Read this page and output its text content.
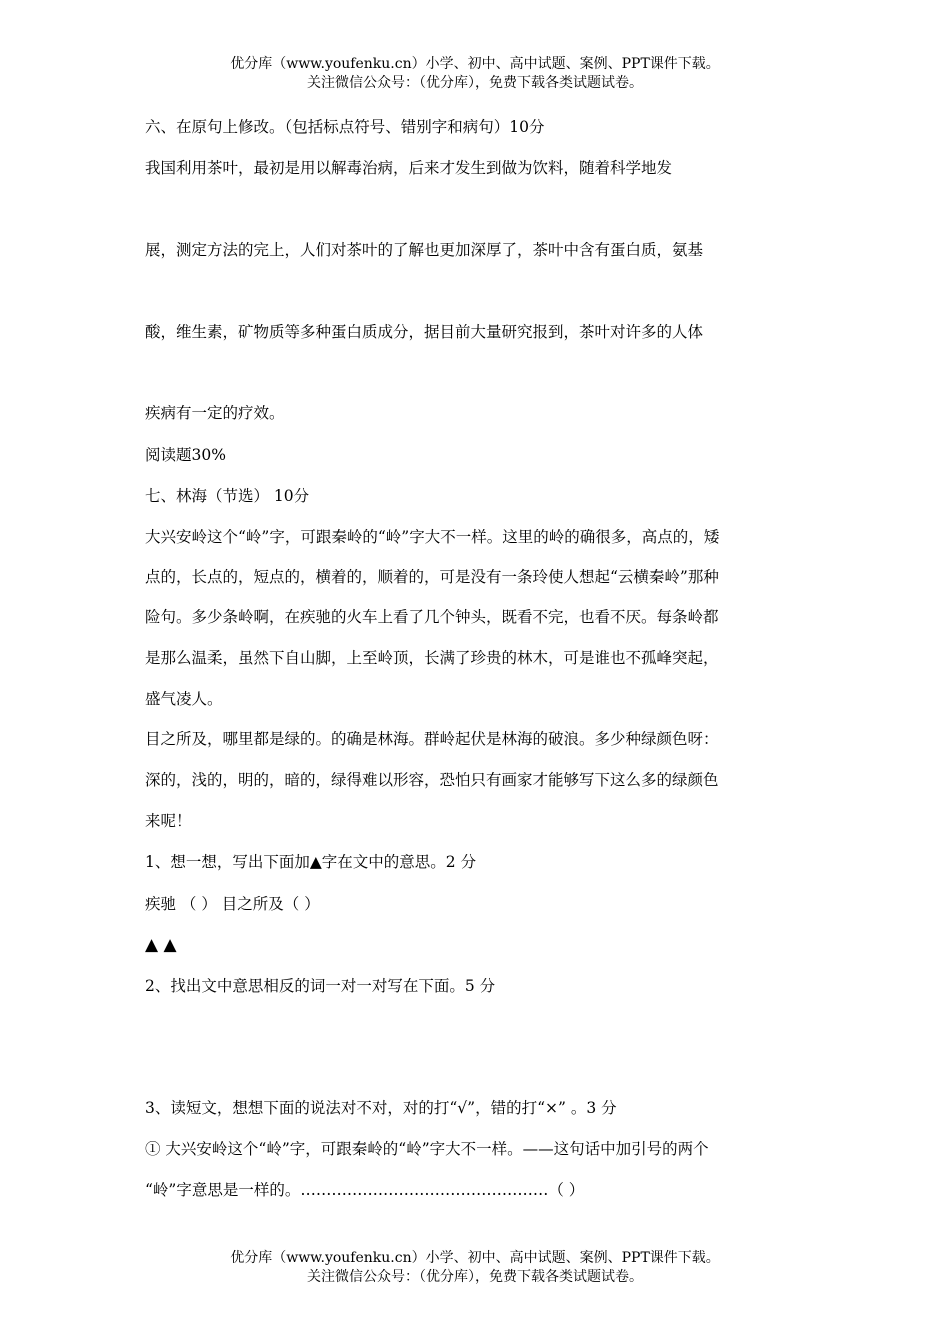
优分库（www.youfenku.cn）小学、初中、高中试题、案例、PPT课件下载。
关注微信公众号：（优分库），免费下载各类试题试卷。
六、在原句上修改。（包括标点符号、错别字和病句）10分
我国利用茶叶，最初是用以解毒治病，后来才发生到做为饮料，随着科学地发
展，测定方法的完上，人们对茶叶的了解也更加深厚了，茶叶中含有蛋白质，氨基
酸，维生素，矿物质等多种蛋白质成分，据目前大量研究报到，茶叶对许多的人体
疾病有一定的疗效。
阅读题30%
七、林海（节选） 10分
大兴安岭这个“岭”字，可跟秦岭的“岭”字大不一样。这里的岭的确很多，高点的，矮
点的，长点的，短点的，横着的，顺着的，可是没有一条玲使人想起“云横秦岭”那种
险句。多少条岭啊，在疾驰的火车上看了几个钟头，既看不完，也看不厌。每条岭都
是那么温柔，虽然下自山脚，上至岭顶，长满了珍贵的林木，可是谁也不孤峰突起，
盛气凌人。
目之所及，哪里都是绿的。的确是林海。群岭起伏是林海的破浪。多少种绿颜色呀：
深的，浅的，明的，暗的，绿得难以形容，恐怕只有画家才能够写下这么多的绿颜色
来呢！
1、想一想，写出下面加▲字在文中的意思。2 分
疾驰 （ ） 目之所及（ ）
▲ ▲
2、找出文中意思相反的词一对一对写在下面。5 分
3、读短文，想想下面的说法对不对，对的打“√”，错的打“×” 。3 分
① 大兴安岭这个“岭”字，可跟秦岭的“岭”字大不一样。——这句话中加引号的两个
“岭”字意思是一样的。…………………………………………（ ）
优分库（www.youfenku.cn）小学、初中、高中试题、案例、PPT课件下载。
关注微信公众号：（优分库），免费下载各类试题试卷。
